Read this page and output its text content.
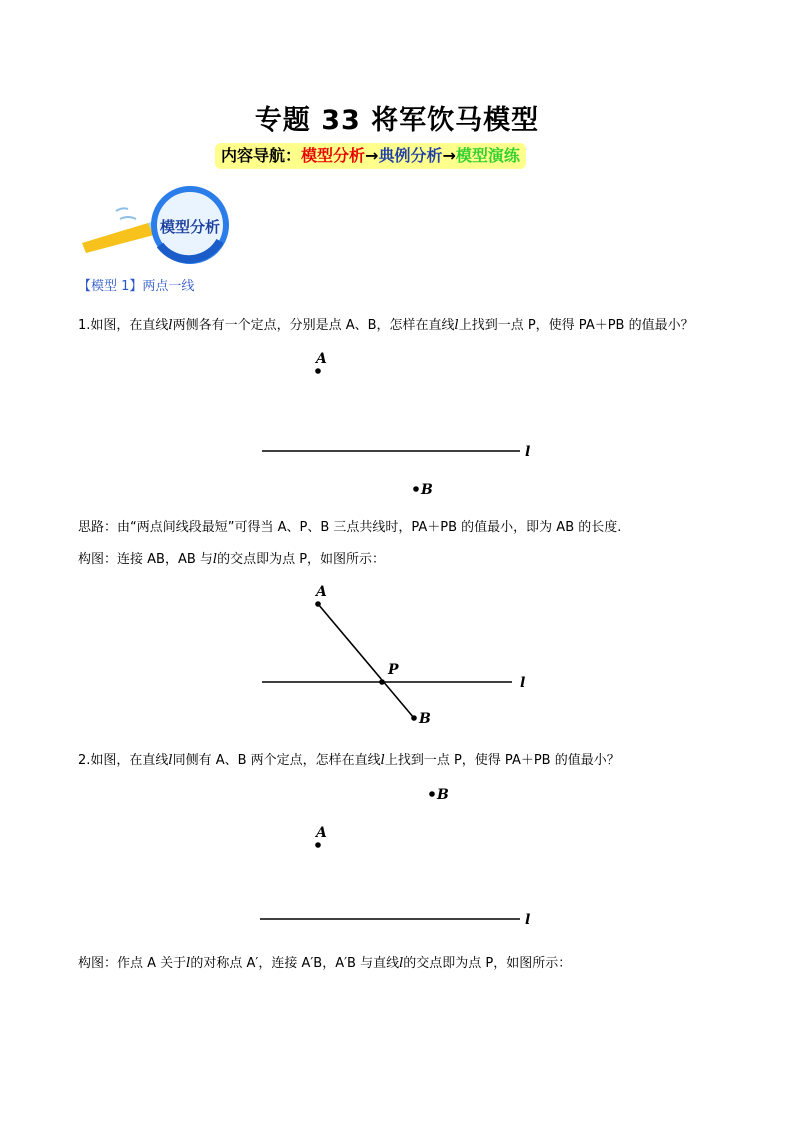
专题 33 将军饮马模型
内容导航：模型分析→典例分析→模型演练
模型分析
【模型 1】两点一线
1.如图，在直线l两侧各有一个定点，分别是点 A、B，怎样在直线l上找到一点 P，使得 PA＋PB 的值最小？
A
l
B
思路：由“两点间线段最短”可得当 A、P、B 三点共线时，PA＋PB 的值最小，即为 AB 的长度.
构图：连接 AB，AB 与l的交点即为点 P，如图所示：
A
l
P
B
2.如图，在直线l同侧有 A、B 两个定点，怎样在直线l上找到一点 P，使得 PA＋PB 的值最小？
B
A
l
构图：作点 A 关于l的对称点 A′，连接 A′B，A′B 与直线l的交点即为点 P，如图所示：
